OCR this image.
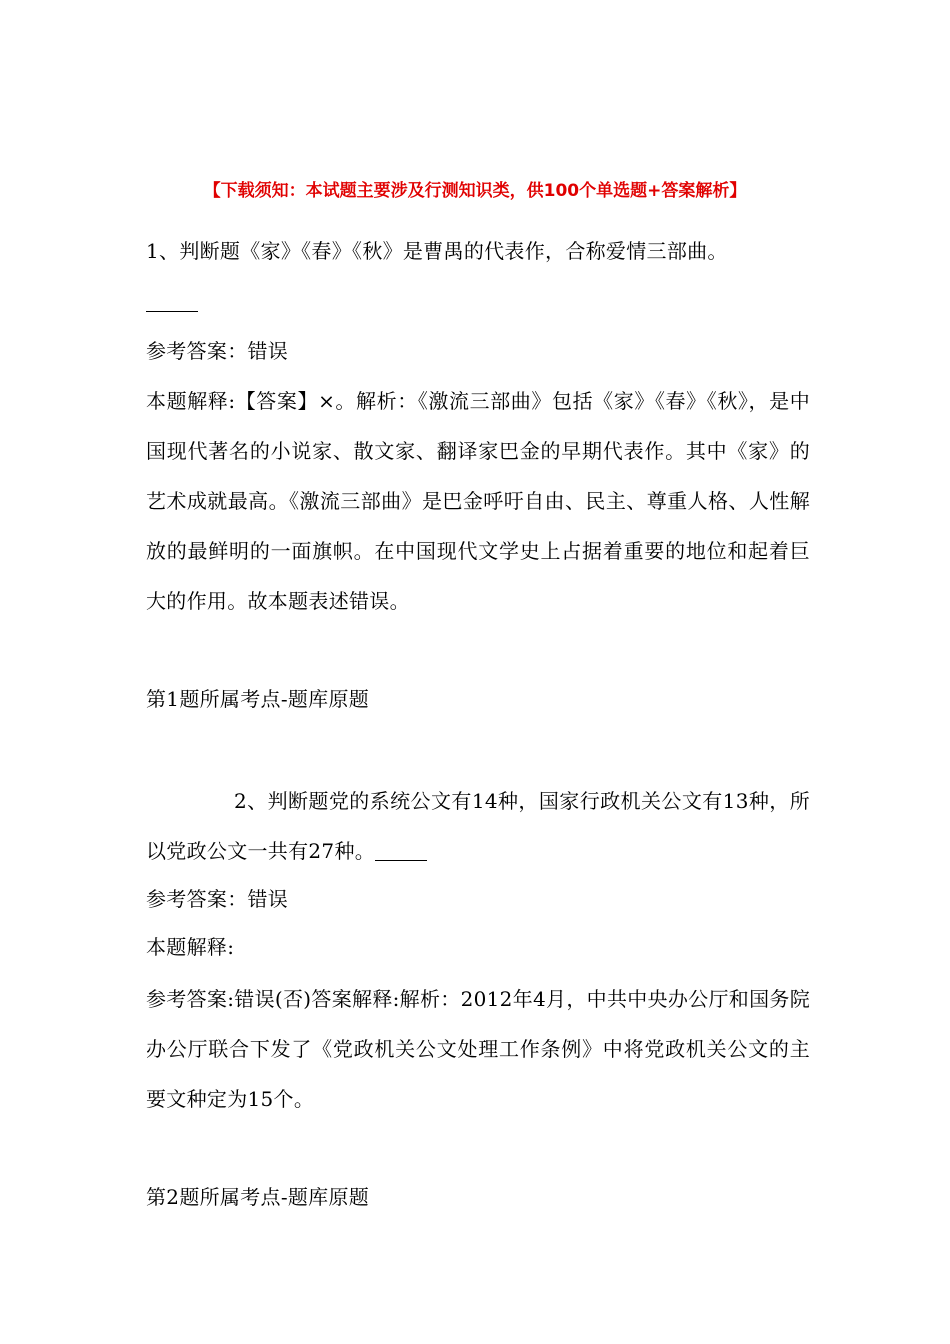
【下载须知：本试题主要涉及行测知识类，供100个单选题+答案解析】
1、判断题《家》《春》《秋》是曹禺的代表作，合称爱情三部曲。
参考答案：错误
本题解释:【答案】×。解析：《激流三部曲》包括《家》《春》《秋》，是中国现代著名的小说家、散文家、翻译家巴金的早期代表作。其中《家》的艺术成就最高。《激流三部曲》是巴金呼吁自由、民主、尊重人格、人性解放的最鲜明的一面旗帜。在中国现代文学史上占据着重要的地位和起着巨大的作用。故本题表述错误。
第1题所属考点-题库原题
2、判断题党的系统公文有14种，国家行政机关公文有13种，所以党政公文一共有27种。
参考答案：错误
本题解释:
参考答案:错误(否)答案解释:解析：2012年4月，中共中央办公厅和国务院办公厅联合下发了《党政机关公文处理工作条例》中将党政机关公文的主要文种定为15个。
第2题所属考点-题库原题
